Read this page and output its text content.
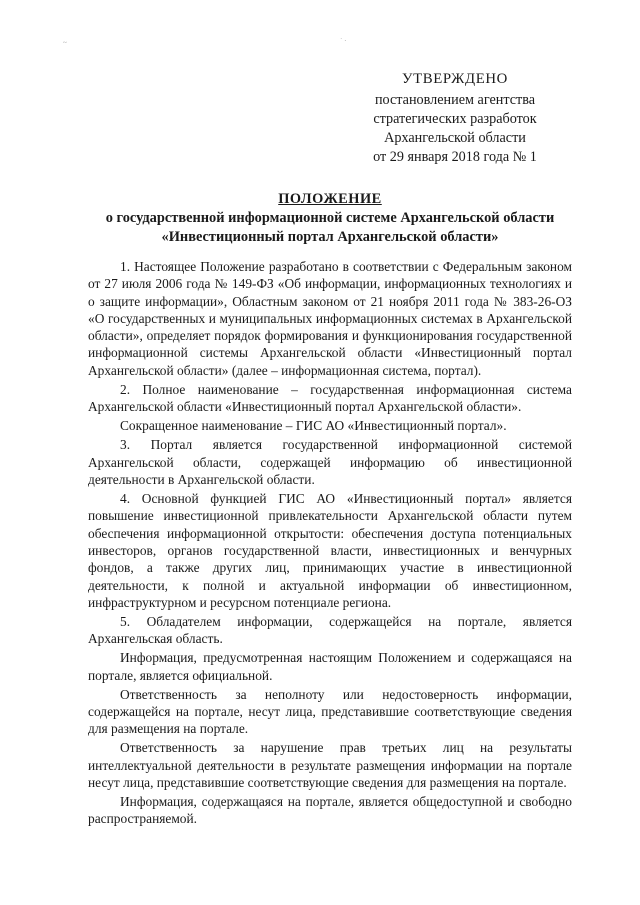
~	˙ ·
УТВЕРЖДЕНО
постановлением агентства
стратегических разработок
Архангельской области
от 29 января 2018 года № 1
ПОЛОЖЕНИЕ
о государственной информационной системе Архангельской области
«Инвестиционный портал Архангельской области»

1. Настоящее Положение разработано в соответствии с Федеральным законом от 27 июля 2006 года № 149-ФЗ «Об информации, информационных технологиях и о защите информации», Областным законом от 21 ноября 2011 года № 383-26-ОЗ «О государственных и муниципальных информационных системах в Архангельской области», определяет порядок формирования и функционирования государственной информационной системы Архангельской области «Инвестиционный портал Архангельской области» (далее – информационная система, портал).

2. Полное наименование – государственная информационная система Архангельской области «Инвестиционный портал Архангельской области».

Сокращенное наименование – ГИС АО «Инвестиционный портал».

3. Портал является государственной информационной системой Архангельской области, содержащей информацию об инвестиционной деятельности в Архангельской области.

4. Основной функцией ГИС АО «Инвестиционный портал» является повышение инвестиционной привлекательности Архангельской области путем обеспечения информационной открытости: обеспечения доступа потенциальных инвесторов, органов государственной власти, инвестиционных и венчурных фондов, а также других лиц, принимающих участие в инвестиционной деятельности, к полной и актуальной информации об инвестиционном, инфраструктурном и ресурсном потенциале региона.

5. Обладателем информации, содержащейся на портале, является Архангельская область.

Информация, предусмотренная настоящим Положением и содержащаяся на портале, является официальной.

Ответственность за неполноту или недостоверность информации, содержащейся на портале, несут лица, представившие соответствующие сведения для размещения на портале.

Ответственность за нарушение прав третьих лиц на результаты интеллектуальной деятельности в результате размещения информации на портале несут лица, представившие соответствующие сведения для размещения на портале.

Информация, содержащаяся на портале, является общедоступной и свободно распространяемой.
